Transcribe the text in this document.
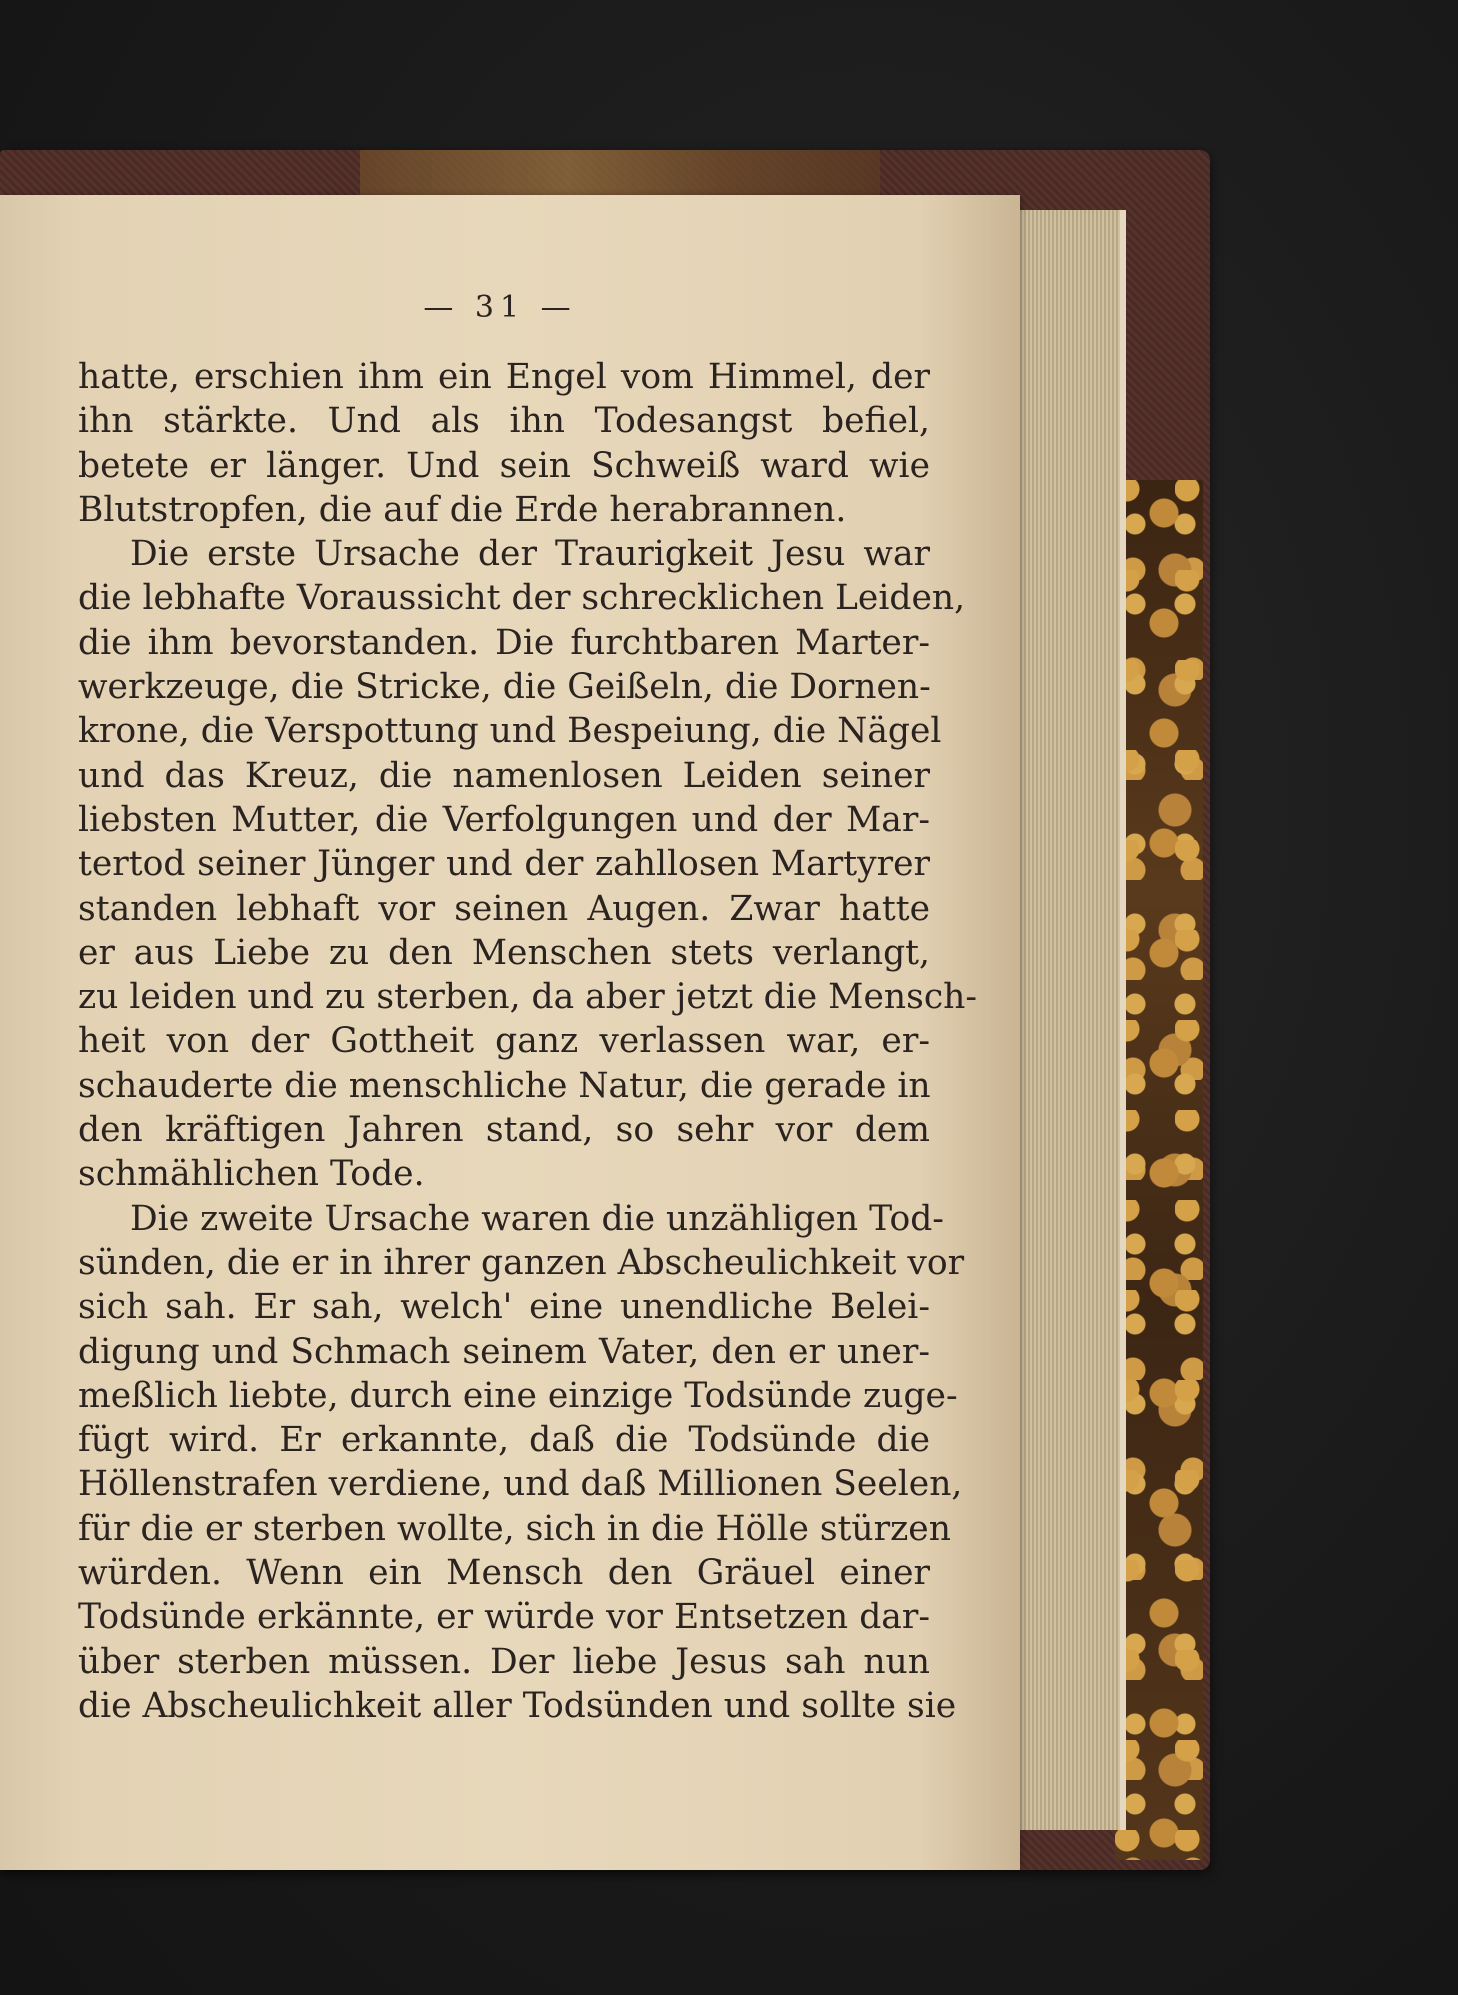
— 31 —
hatte, erschien ihm ein Engel vom Himmel, der
ihn stärkte. Und als ihn Todesangst befiel,
betete er länger. Und sein Schweiß ward wie
Blutstropfen, die auf die Erde herabrannen.
Die erste Ursache der Traurigkeit Jesu war
die lebhafte Voraussicht der schrecklichen Leiden,
die ihm bevorstanden. Die furchtbaren Marter-
werkzeuge, die Stricke, die Geißeln, die Dornen-
krone, die Verspottung und Bespeiung, die Nägel
und das Kreuz, die namenlosen Leiden seiner
liebsten Mutter, die Verfolgungen und der Mar-
tertod seiner Jünger und der zahllosen Martyrer
standen lebhaft vor seinen Augen. Zwar hatte
er aus Liebe zu den Menschen stets verlangt,
zu leiden und zu sterben, da aber jetzt die Mensch-
heit von der Gottheit ganz verlassen war, er-
schauderte die menschliche Natur, die gerade in
den kräftigen Jahren stand, so sehr vor dem
schmählichen Tode.
Die zweite Ursache waren die unzähligen Tod-
sünden, die er in ihrer ganzen Abscheulichkeit vor
sich sah. Er sah, welch' eine unendliche Belei-
digung und Schmach seinem Vater, den er uner-
meßlich liebte, durch eine einzige Todsünde zuge-
fügt wird. Er erkannte, daß die Todsünde die
Höllenstrafen verdiene, und daß Millionen Seelen,
für die er sterben wollte, sich in die Hölle stürzen
würden. Wenn ein Mensch den Gräuel einer
Todsünde erkännte, er würde vor Entsetzen dar-
über sterben müssen. Der liebe Jesus sah nun
die Abscheulichkeit aller Todsünden und sollte sie
